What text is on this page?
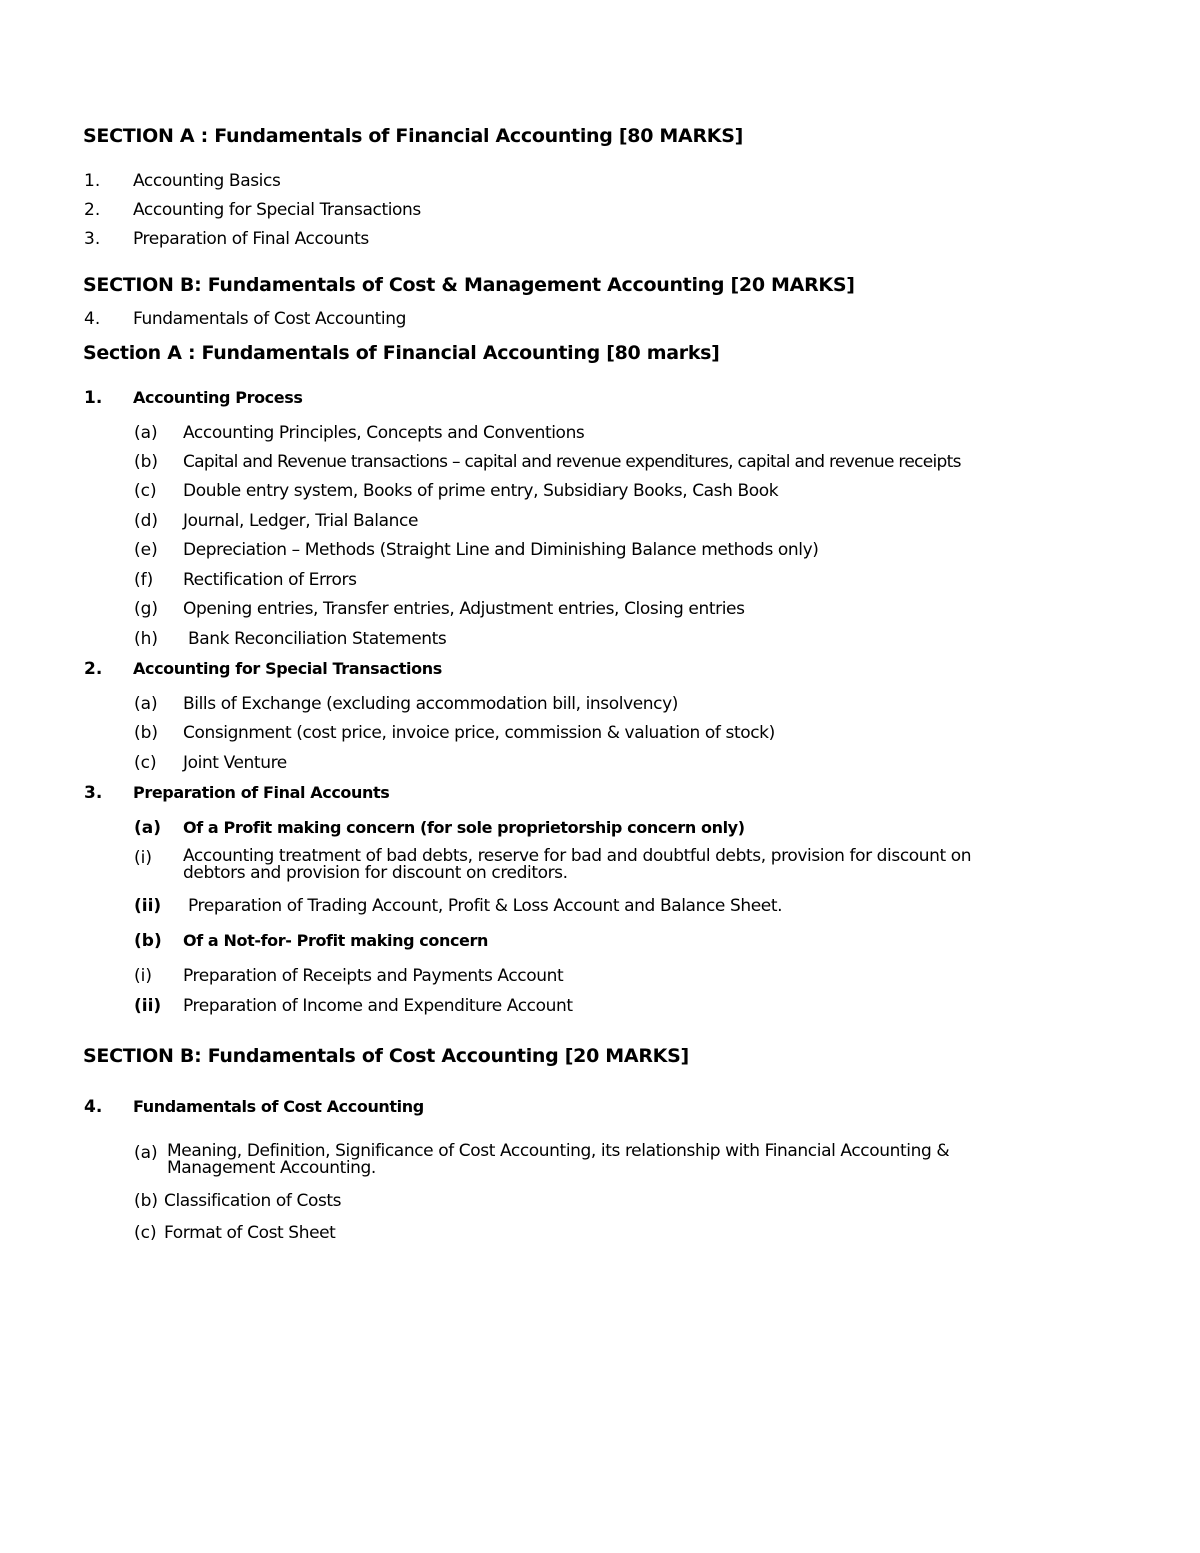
SECTION A : Fundamentals of Financial Accounting [80 MARKS]
1. Accounting Basics
2. Accounting for Special Transactions
3. Preparation of Final Accounts
SECTION B: Fundamentals of Cost & Management Accounting [20 MARKS]
4. Fundamentals of Cost Accounting
Section A : Fundamentals of Financial Accounting [80 marks]
1. Accounting Process
(a) Accounting Principles, Concepts and Conventions
(b) Capital and Revenue transactions – capital and revenue expenditures, capital and revenue receipts
(c) Double entry system, Books of prime entry, Subsidiary Books, Cash Book
(d) Journal, Ledger, Trial Balance
(e) Depreciation – Methods (Straight Line and Diminishing Balance methods only)
(f) Rectification of Errors
(g) Opening entries, Transfer entries, Adjustment entries, Closing entries
(h) Bank Reconciliation Statements
2. Accounting for Special Transactions
(a) Bills of Exchange (excluding accommodation bill, insolvency)
(b) Consignment (cost price, invoice price, commission & valuation of stock)
(c) Joint Venture
3. Preparation of Final Accounts
(a) Of a Profit making concern (for sole proprietorship concern only)
(i) Accounting treatment of bad debts, reserve for bad and doubtful debts, provision for discount on debtors and provision for discount on creditors.
(ii) Preparation of Trading Account, Profit & Loss Account and Balance Sheet.
(b) Of a Not-for- Profit making concern
(i) Preparation of Receipts and Payments Account
(ii) Preparation of Income and Expenditure Account
SECTION B: Fundamentals of Cost Accounting [20 MARKS]
4. Fundamentals of Cost Accounting
(a) Meaning, Definition, Significance of Cost Accounting, its relationship with Financial Accounting & Management Accounting.
(b) Classification of Costs
(c) Format of Cost Sheet
